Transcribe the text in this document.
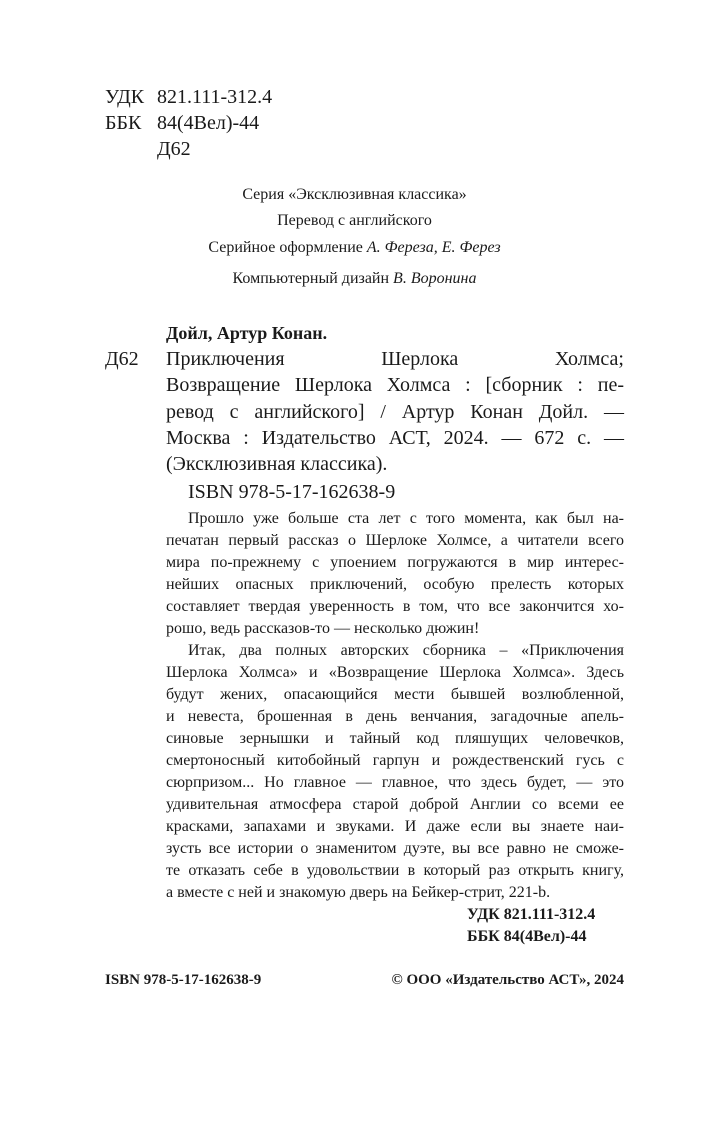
УДК 821.111-312.4
ББК 84(4Вел)-44
Д62
Серия «Эксклюзивная классика»
Перевод с английского
Серийное оформление А. Фереза, Е. Ферез
Компьютерный дизайн В. Воронина
Дойл, Артур Конан.
Д62 Приключения Шерлока Холмса;
Возвращение Шерлока Холмса : [сборник : пе-
ревод с английского] / Артур Конан Дойл. —
Москва : Издательство АСТ, 2024. — 672 с. —
(Эксклюзивная классика).
ISBN 978-5-17-162638-9
Прошло уже больше ста лет с того момента, как был на-
печатан первый рассказ о Шерлоке Холмсе, а читатели всего
мира по-прежнему с упоением погружаются в мир интерес-
нейших опасных приключений, особую прелесть которых
составляет твердая уверенность в том, что все закончится хо-
рошо, ведь рассказов-то — несколько дюжин!
Итак, два полных авторских сборника – «Приключения
Шерлока Холмса» и «Возвращение Шерлока Холмса». Здесь
будут жених, опасающийся мести бывшей возлюбленной,
и невеста, брошенная в день венчания, загадочные апель-
синовые зернышки и тайный код пляшущих человечков,
смертоносный китобойный гарпун и рождественский гусь с
сюрпризом... Но главное — главное, что здесь будет, — это
удивительная атмосфера старой доброй Англии со всеми ее
красками, запахами и звуками. И даже если вы знаете наи-
зусть все истории о знаменитом дуэте, вы все равно не сможе-
те отказать себе в удовольствии в который раз открыть книгу,
а вместе с ней и знакомую дверь на Бейкер-стрит, 221-b.
УДК 821.111-312.4
ББК 84(4Вел)-44
ISBN 978-5-17-162638-9	© ООО «Издательство АСТ», 2024
